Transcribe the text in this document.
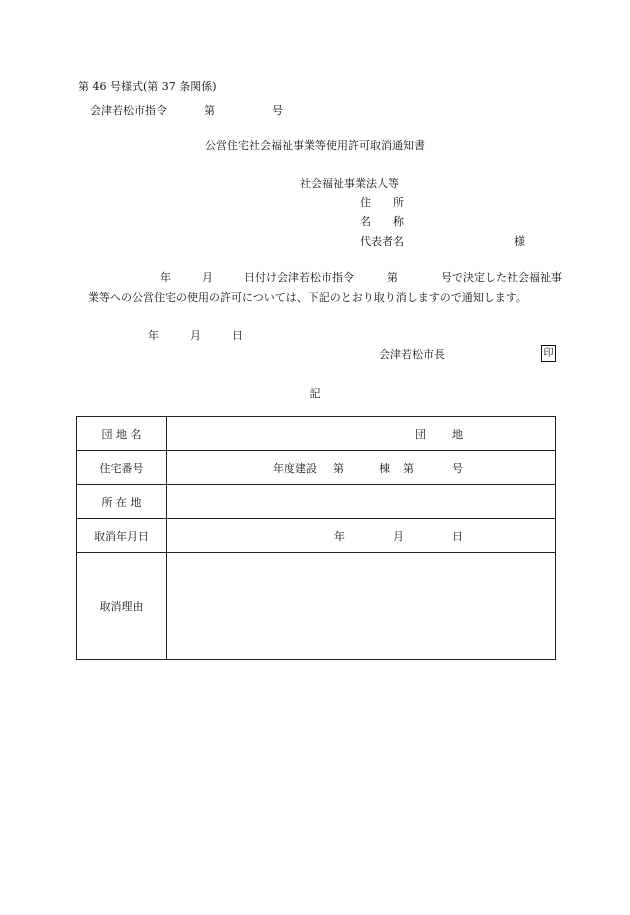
第 46 号様式(第 37 条関係)
会津若松市指令	第	号
公営住宅社会福祉事業等使用許可取消通知書
社会福祉事業法人等
住　　所
名　　称
代表者名	様
年	月	日付け会津若松市指令	第	号で決定した社会福祉事
業等への公営住宅の使用の許可については、下記のとおり取り消しますので通知します。
年	月	日
会津若松市長	印
記
団 地 名	団 地

住宅番号	年度建設 第 棟 第 号

所 在 地	
取消年月日	年 月 日

取消理由	
